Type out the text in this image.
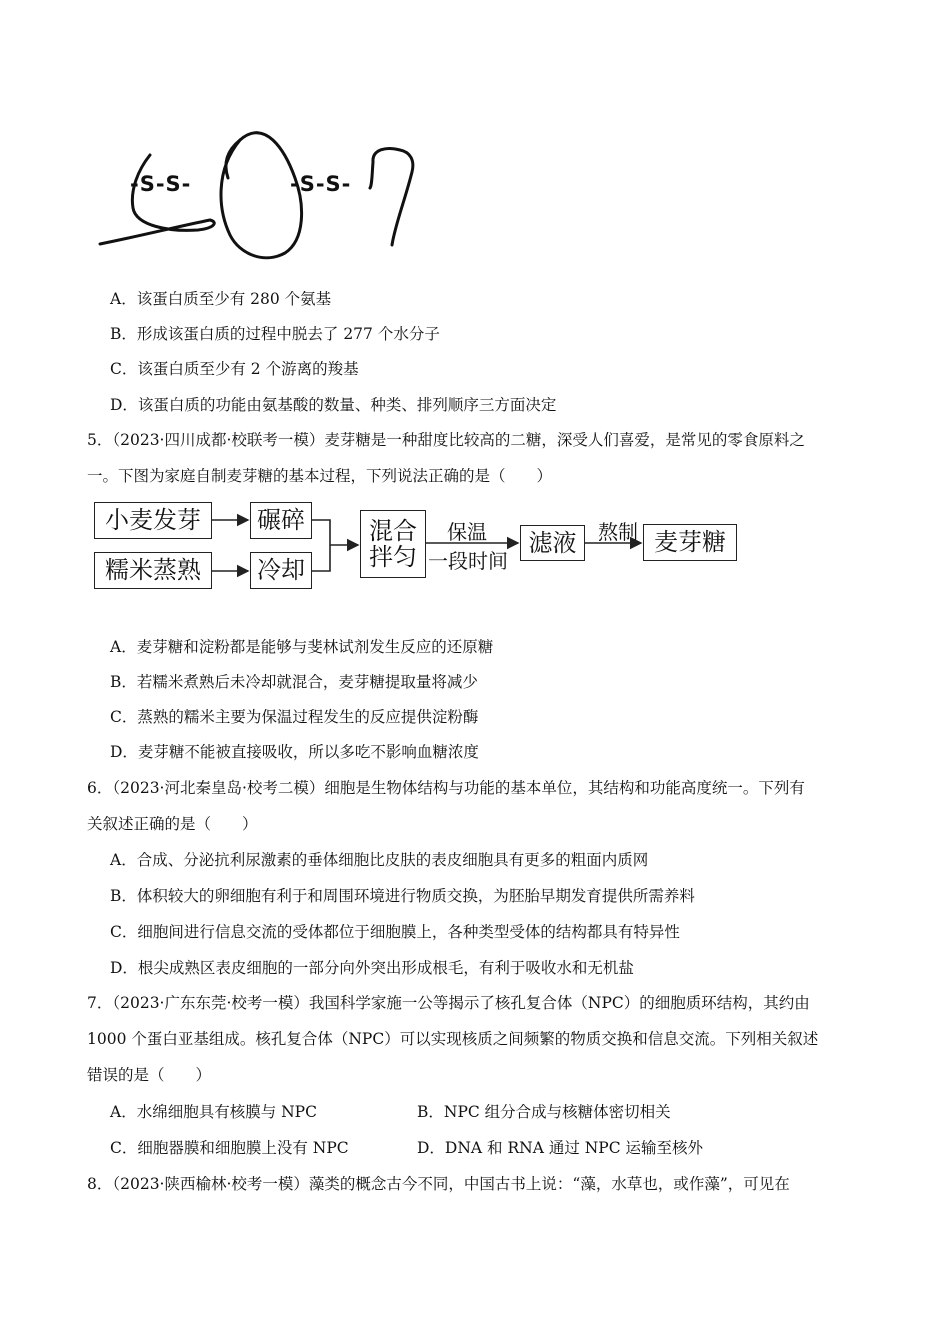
-S-S-	-S-S-
A．该蛋白质至少有 280 个氨基
B．形成该蛋白质的过程中脱去了 277 个水分子
C．该蛋白质至少有 2 个游离的羧基
D．该蛋白质的功能由氨基酸的数量、种类、排列顺序三方面决定
5．（2023·四川成都·校联考一模）麦芽糖是一种甜度比较高的二糖，深受人们喜爱，是常见的零食原料之
一。下图为家庭自制麦芽糖的基本过程，下列说法正确的是（　　）
小麦发芽	碾碎
糯米蒸熟	冷却
混合
拌匀
保温
一段时间
滤液	熬制 麦芽糖
A．麦芽糖和淀粉都是能够与斐林试剂发生反应的还原糖
B．若糯米煮熟后未冷却就混合，麦芽糖提取量将减少
C．蒸熟的糯米主要为保温过程发生的反应提供淀粉酶
D．麦芽糖不能被直接吸收，所以多吃不影响血糖浓度
6．（2023·河北秦皇岛·校考二模）细胞是生物体结构与功能的基本单位，其结构和功能高度统一。下列有
关叙述正确的是（　　）
A．合成、分泌抗利尿激素的垂体细胞比皮肤的表皮细胞具有更多的粗面内质网
B．体积较大的卵细胞有利于和周围环境进行物质交换，为胚胎早期发育提供所需养料
C．细胞间进行信息交流的受体都位于细胞膜上，各种类型受体的结构都具有特异性
D．根尖成熟区表皮细胞的一部分向外突出形成根毛，有利于吸收水和无机盐
7．（2023·广东东莞·校考一模）我国科学家施一公等揭示了核孔复合体（NPC）的细胞质环结构，其约由
1000 个蛋白亚基组成。核孔复合体（NPC）可以实现核质之间频繁的物质交换和信息交流。下列相关叙述
错误的是（　　）
A．水绵细胞具有核膜与 NPC	B．NPC 组分合成与核糖体密切相关
C．细胞器膜和细胞膜上没有 NPC	D．DNA 和 RNA 通过 NPC 运输至核外
8．（2023·陕西榆林·校考一模）藻类的概念古今不同，中国古书上说：“藻，水草也，或作藻”，可见在
